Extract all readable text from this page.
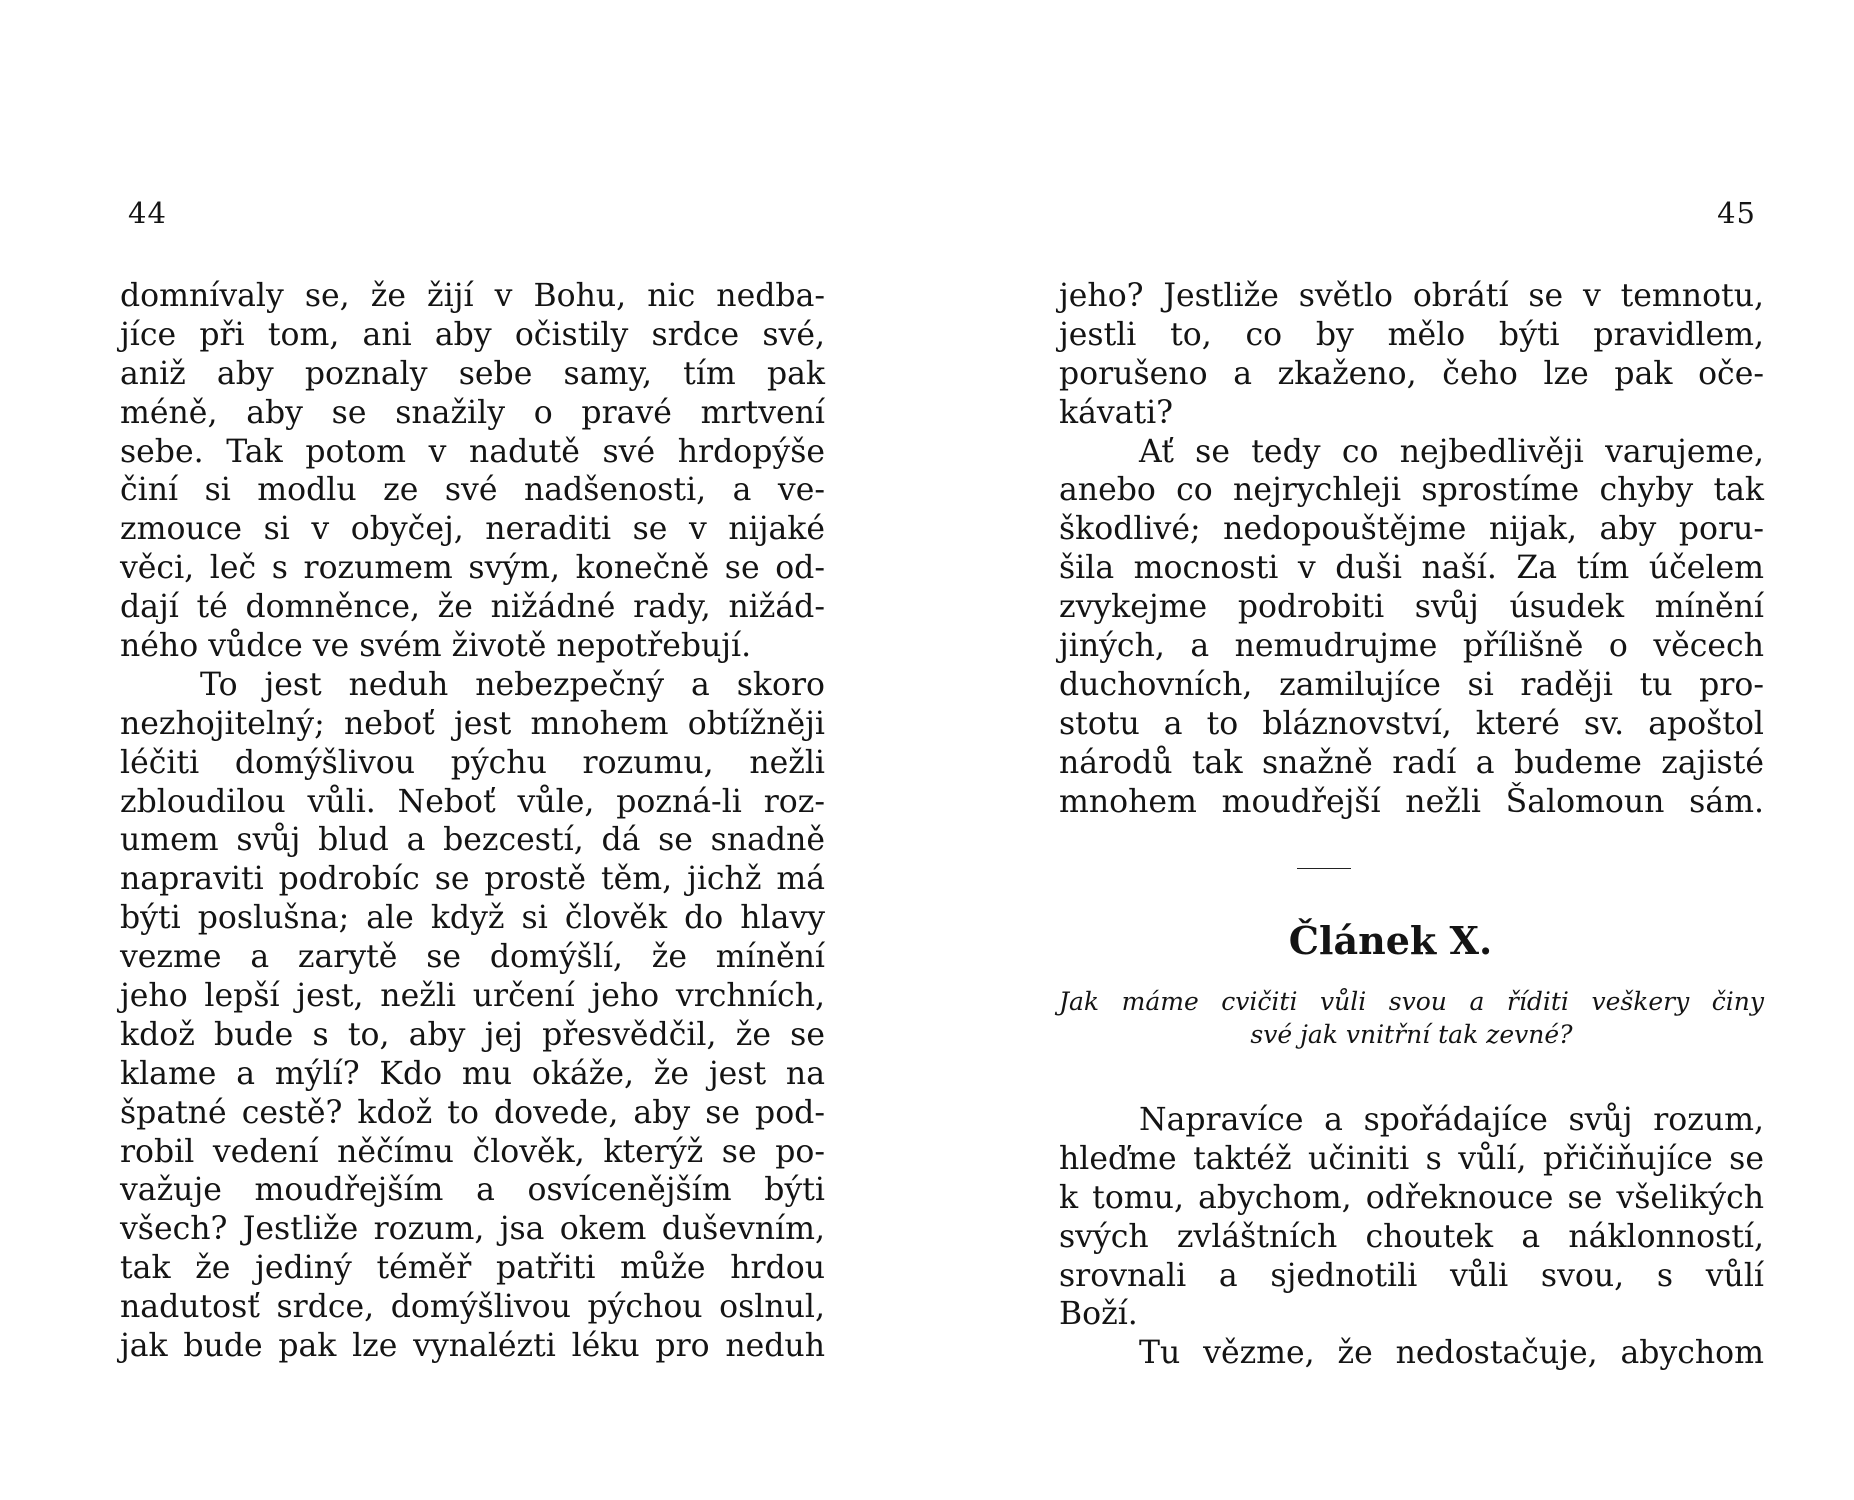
44
domnívaly se, že žijí v Bohu, nic nedba-
jíce při tom, ani aby očistily srdce své,
aniž aby poznaly sebe samy, tím pak
méně, aby se snažily o pravé mrtvení
sebe. Tak potom v nadutě své hrdopýše
činí si modlu ze své nadšenosti, a ve-
zmouce si v obyčej, neraditi se v nijaké
věci, leč s rozumem svým, konečně se od-
dají té domněnce, že nižádné rady, nižád-
ného vůdce ve svém životě nepotřebují.
To jest neduh nebezpečný a skoro
nezhojitelný; neboť jest mnohem obtížněji
léčiti domýšlivou pýchu rozumu, nežli
zbloudilou vůli. Neboť vůle, pozná-li roz-
umem svůj blud a bezcestí, dá se snadně
napraviti podrobíc se prostě těm, jichž má
býti poslušna; ale když si člověk do hlavy
vezme a zarytě se domýšlí, že mínění
jeho lepší jest, nežli určení jeho vrchních,
kdož bude s to, aby jej přesvědčil, že se
klame a mýlí? Kdo mu okáže, že jest na
špatné cestě? kdož to dovede, aby se pod-
robil vedení něčímu člověk, kterýž se po-
važuje moudřejším a osvícenějším býti
všech? Jestliže rozum, jsa okem duševním,
tak že jediný téměř patřiti může hrdou
nadutosť srdce, domýšlivou pýchou oslnul,
jak bude pak lze vynalézti léku pro neduh
45
jeho? Jestliže světlo obrátí se v temnotu,
jestli to, co by mělo býti pravidlem,
porušeno a zkaženo, čeho lze pak oče-
kávati?
Ať se tedy co nejbedlivěji varujeme,
anebo co nejrychleji sprostíme chyby tak
škodlivé; nedopouštějme nijak, aby poru-
šila mocnosti v duši naší. Za tím účelem
zvykejme podrobiti svůj úsudek mínění
jiných, a nemudrujme přílišně o věcech
duchovních, zamilujíce si raději tu pro-
stotu a to bláznovství, které sv. apoštol
národů tak snažně radí a budeme zajisté
mnohem moudřejší nežli Šalomoun sám.
Článek X.
Jak máme cvičiti vůli svou a říditi veškery činy
své jak vnitřní tak zevné?
Napravíce a spořádajíce svůj rozum,
hleďme taktéž učiniti s vůlí, přičiňujíce se
k tomu, abychom, odřeknouce se všelikých
svých zvláštních choutek a náklonností,
srovnali a sjednotili vůli svou, s vůlí
Boží.
Tu vězme, že nedostačuje, abychom
